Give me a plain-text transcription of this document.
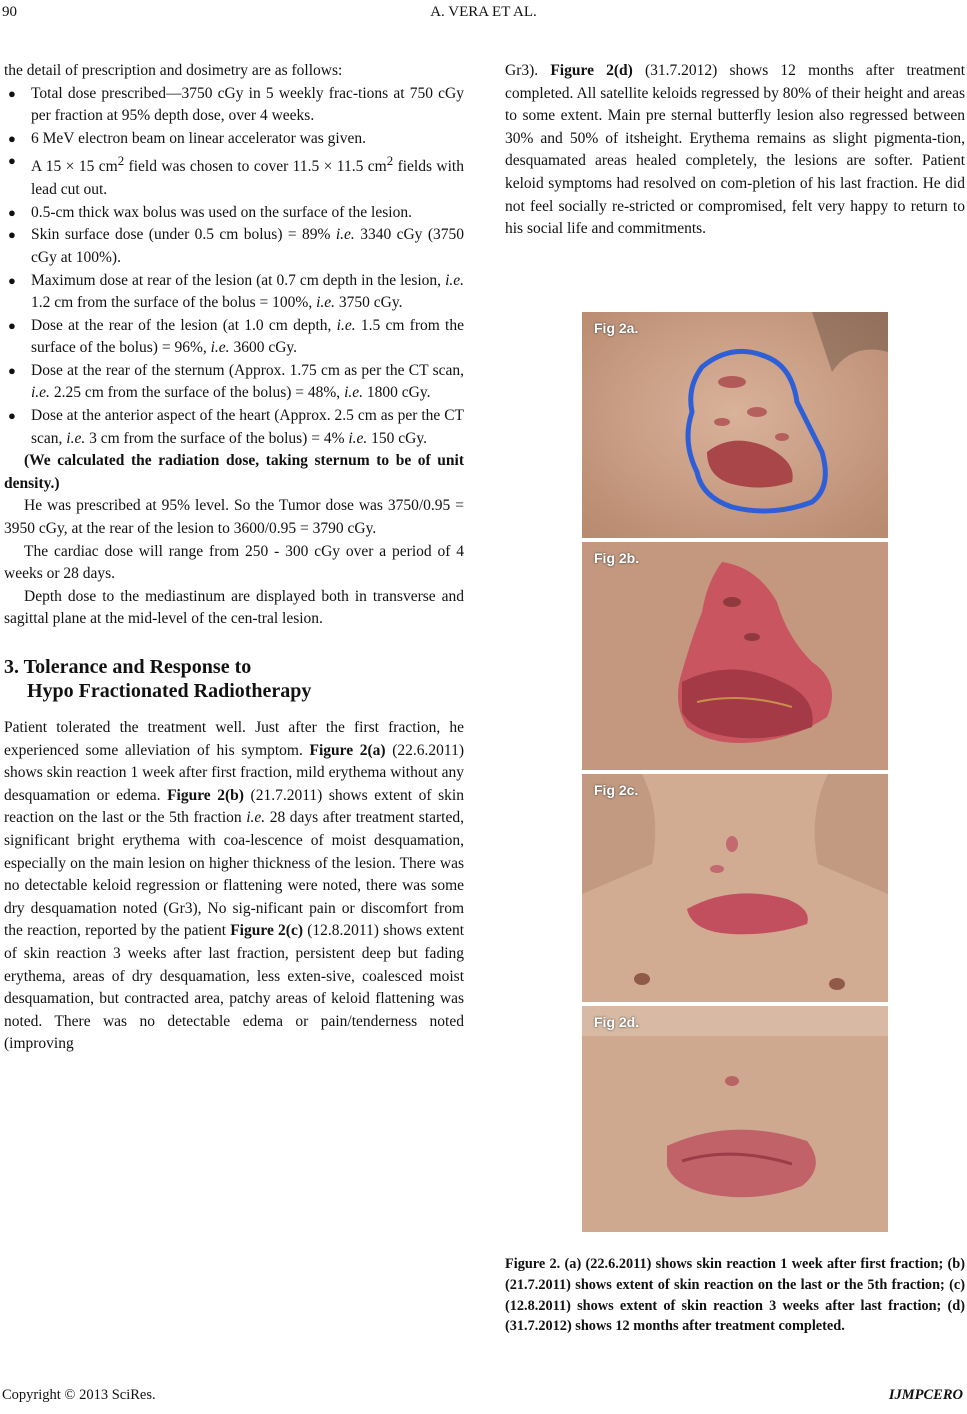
90	A. VERA ET AL.

the detail of prescription and dosimetry are as follows:

● Total dose prescribed—3750 cGy in 5 weekly frac-tions at 750 cGy per fraction at 95% depth dose, over 4 weeks.
● 6 MeV electron beam on linear accelerator was given.
● A 15 × 15 $cm^2$ field was chosen to cover 11.5 × 11.5 $cm^2$ fields with lead cut out.
● 0.5-cm thick wax bolus was used on the surface of the lesion.
● Skin surface dose (under 0.5 cm bolus) = 89% i.e. 3340 cGy (3750 cGy at 100%).
● Maximum dose at rear of the lesion (at 0.7 cm depth in the lesion, i.e. 1.2 cm from the surface of the bolus = 100%, i.e. 3750 cGy.
● Dose at the rear of the lesion (at 1.0 cm depth, i.e. 1.5 cm from the surface of the bolus) = 96%, i.e. 3600 cGy.
● Dose at the rear of the sternum (Approx. 1.75 cm as per the CT scan, i.e. 2.25 cm from the surface of the bolus) = 48%, i.e. 1800 cGy.
● Dose at the anterior aspect of the heart (Approx. 2.5 cm as per the CT scan, i.e. 3 cm from the surface of the bolus) = 4% i.e. 150 cGy.

(We calculated the radiation dose, taking sternum to be of unit density.)

He was prescribed at 95% level. So the Tumor dose was 3750/0.95 = 3950 cGy, at the rear of the lesion to 3600/0.95 = 3790 cGy.

The cardiac dose will range from 250 - 300 cGy over a period of 4 weeks or 28 days.

Depth dose to the mediastinum are displayed both in transverse and sagittal plane at the mid-level of the cen-tral lesion.

3. Tolerance and Response to
Hypo Fractionated Radiotherapy

Patient tolerated the treatment well. Just after the first fraction, he experienced some alleviation of his symptom. Figure 2(a) (22.6.2011) shows skin reaction 1 week after first fraction, mild erythema without any desquamation or edema. Figure 2(b) (21.7.2011) shows extent of skin reaction on the last or the 5th fraction i.e. 28 days after treatment started, significant bright erythema with coa-lescence of moist desquamation, especially on the main lesion on higher thickness of the lesion. There was no detectable keloid regression or flattening were noted, there was some dry desquamation noted (Gr3), No sig-nificant pain or discomfort from the reaction, reported by the patient Figure 2(c) (12.8.2011) shows extent of skin reaction 3 weeks after last fraction, persistent deep but fading erythema, areas of dry desquamation, less exten-sive, coalesced moist desquamation, but contracted area, patchy areas of keloid flattening was noted. There was no detectable edema or pain/tenderness noted (improving

Gr3). Figure 2(d) (31.7.2012) shows 12 months after treatment completed. All satellite keloids regressed by 80% of their height and areas to some extent. Main pre sternal butterfly lesion also regressed between 30% and 50% of itsheight. Erythema remains as slight pigmenta-tion, desquamated areas healed completely, the lesions are softer. Patient keloid symptoms had resolved on com-pletion of his last fraction. He did not feel socially re-stricted or compromised, felt very happy to return to his social life and commitments.

Fig 2a.
Fig 2b.
Fig 2c.
Fig 2d.
Figure 2. (a) (22.6.2011) shows skin reaction 1 week after first fraction; (b) (21.7.2011) shows extent of skin reaction on the last or the 5th fraction; (c) (12.8.2011) shows extent of skin reaction 3 weeks after last fraction; (d) (31.7.2012) shows 12 months after treatment completed.
Copyright © 2013 SciRes.	IJMPCERO
